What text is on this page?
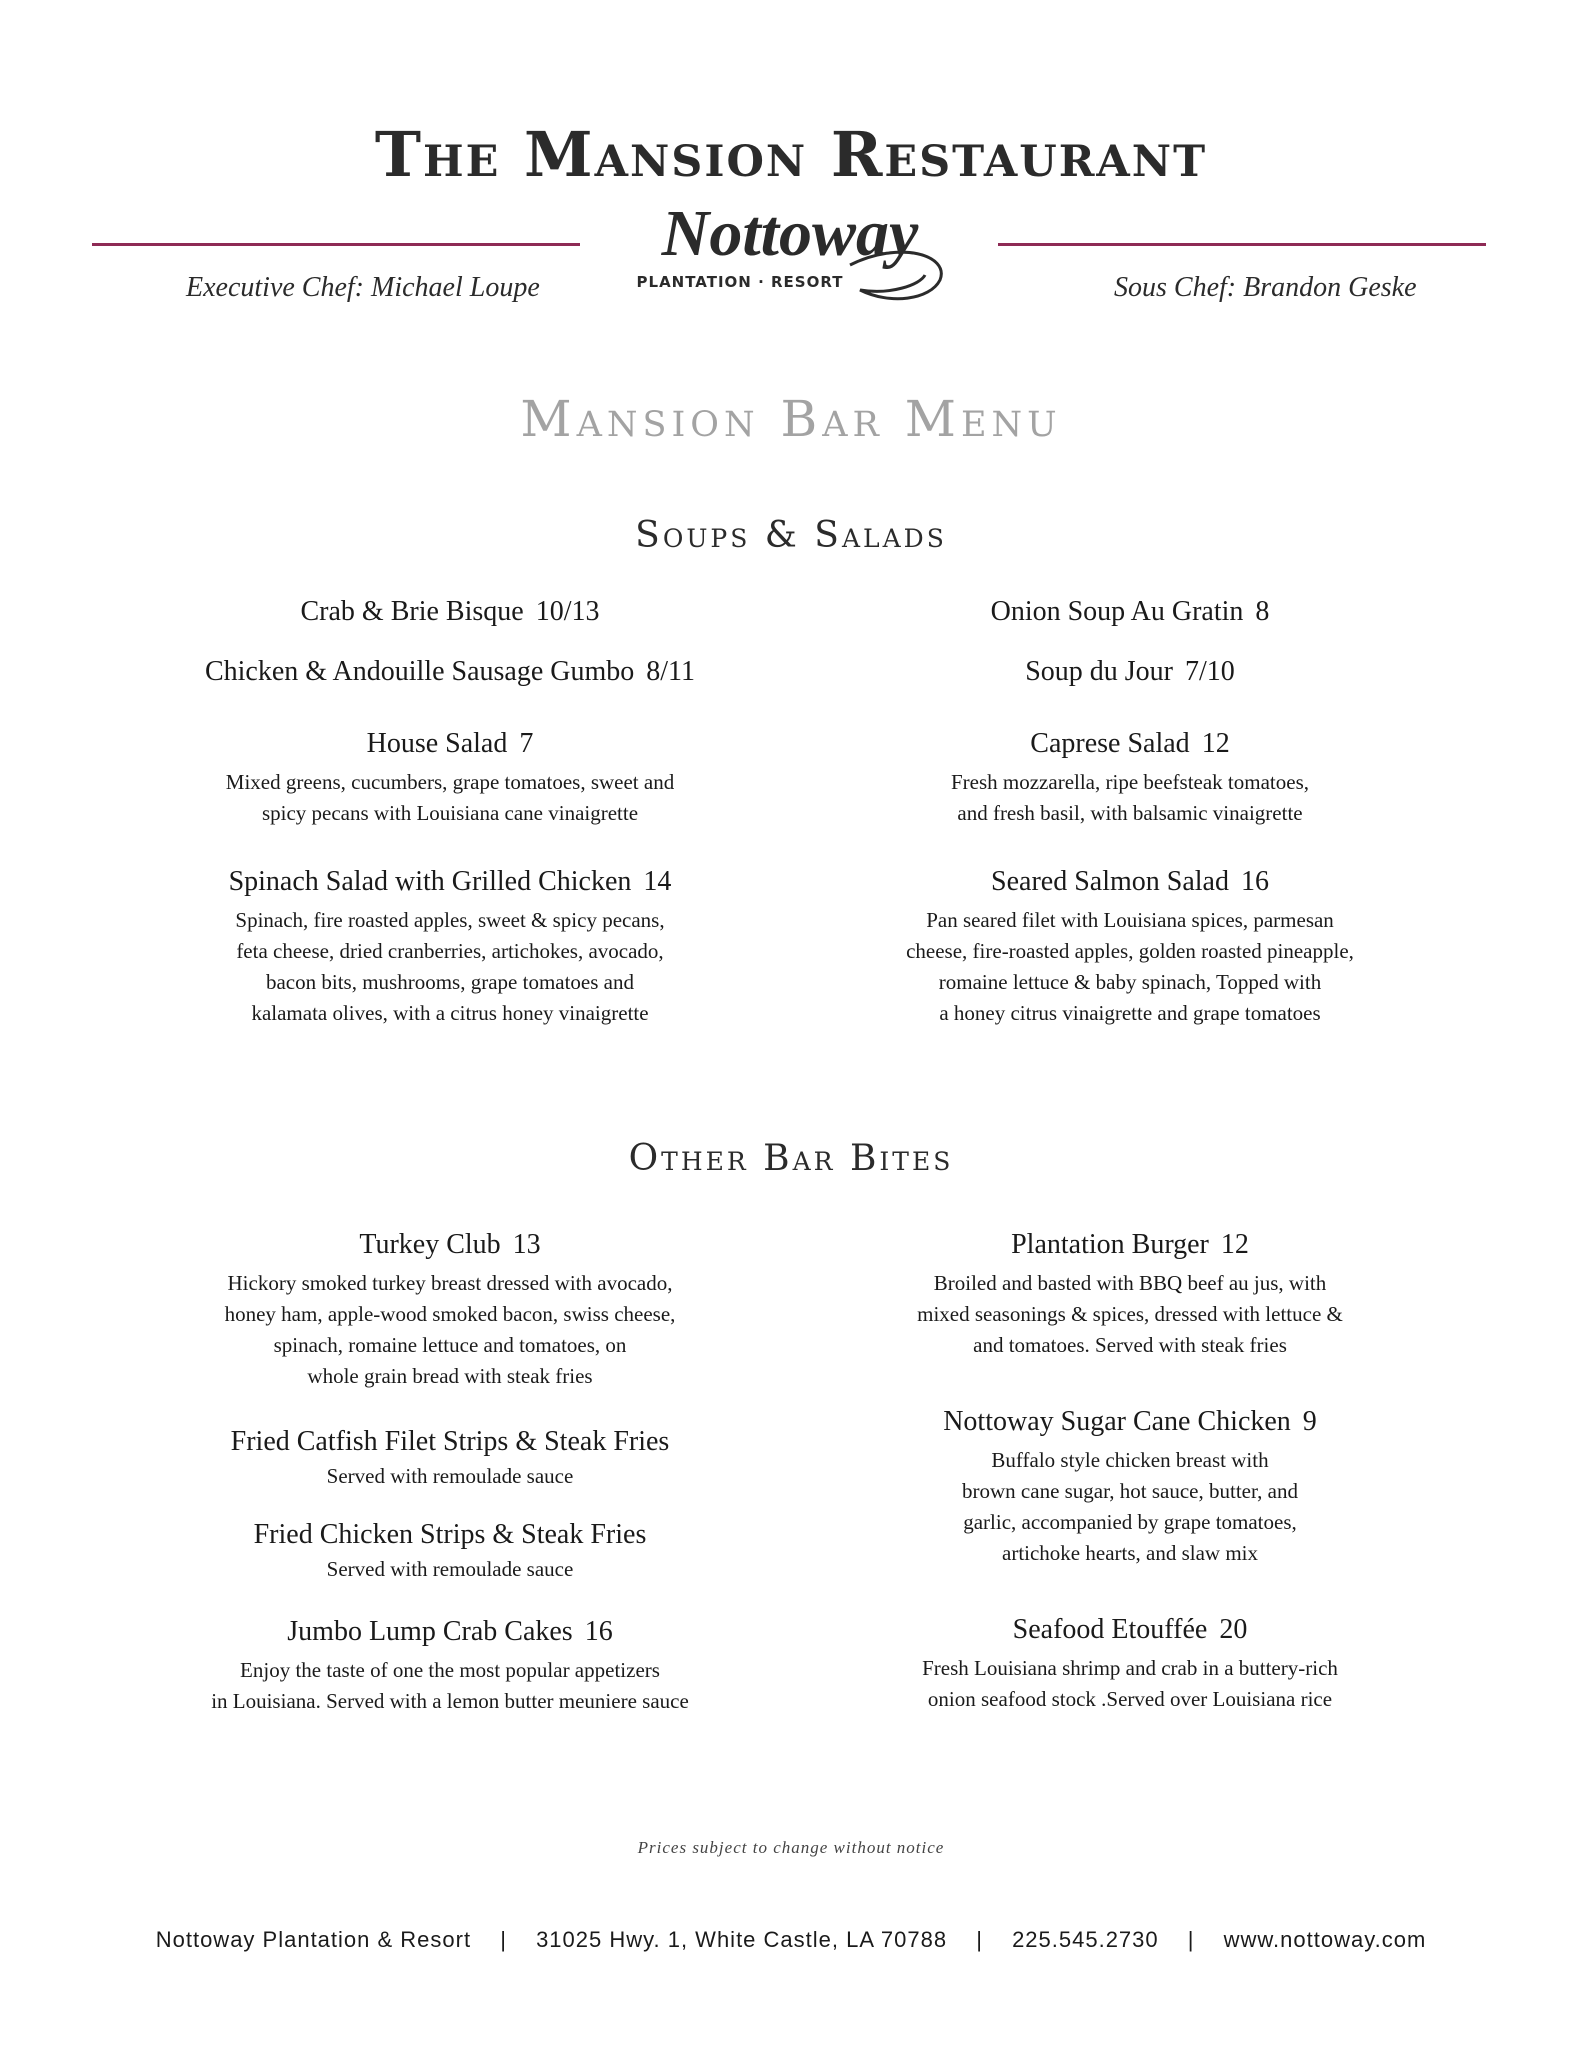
The Mansion Restaurant
Executive Chef: Michael Loupe	Sous Chef: Brandon Geske
Nottoway
PLANTATION · RESORT
Mansion Bar Menu
Soups & Salads
Crab & Brie Bisque 10/13	Onion Soup Au Gratin 8
Chicken & Andouille Sausage Gumbo 8/11	Soup du Jour 7/10
House Salad 7
Mixed greens, cucumbers, grape tomatoes, sweet and
spicy pecans with Louisiana cane vinaigrette
Caprese Salad 12
Fresh mozzarella, ripe beefsteak tomatoes,
and fresh basil, with balsamic vinaigrette
Spinach Salad with Grilled Chicken 14
Spinach, fire roasted apples, sweet & spicy pecans,
feta cheese, dried cranberries, artichokes, avocado,
bacon bits, mushrooms, grape tomatoes and
kalamata olives, with a citrus honey vinaigrette
Seared Salmon Salad 16
Pan seared filet with Louisiana spices, parmesan
cheese, fire-roasted apples, golden roasted pineapple,
romaine lettuce & baby spinach, Topped with
a honey citrus vinaigrette and grape tomatoes
Other Bar Bites
Turkey Club 13
Hickory smoked turkey breast dressed with avocado,
honey ham, apple-wood smoked bacon, swiss cheese,
spinach, romaine lettuce and tomatoes, on
whole grain bread with steak fries
Plantation Burger 12
Broiled and basted with BBQ beef au jus, with
mixed seasonings & spices, dressed with lettuce &
and tomatoes. Served with steak fries
Fried Catfish Filet Strips & Steak Fries
Served with remoulade sauce
Nottoway Sugar Cane Chicken 9
Buffalo style chicken breast with
brown cane sugar, hot sauce, butter, and
garlic, accompanied by grape tomatoes,
artichoke hearts, and slaw mix
Fried Chicken Strips & Steak Fries
Served with remoulade sauce
Jumbo Lump Crab Cakes 16
Enjoy the taste of one the most popular appetizers
in Louisiana. Served with a lemon butter meuniere sauce
Seafood Etouffée 20
Fresh Louisiana shrimp and crab in a buttery-rich
onion seafood stock .Served over Louisiana rice
Prices subject to change without notice
Nottoway Plantation & Resort | 31025 Hwy. 1, White Castle, LA 70788 | 225.545.2730 | www.nottoway.com
